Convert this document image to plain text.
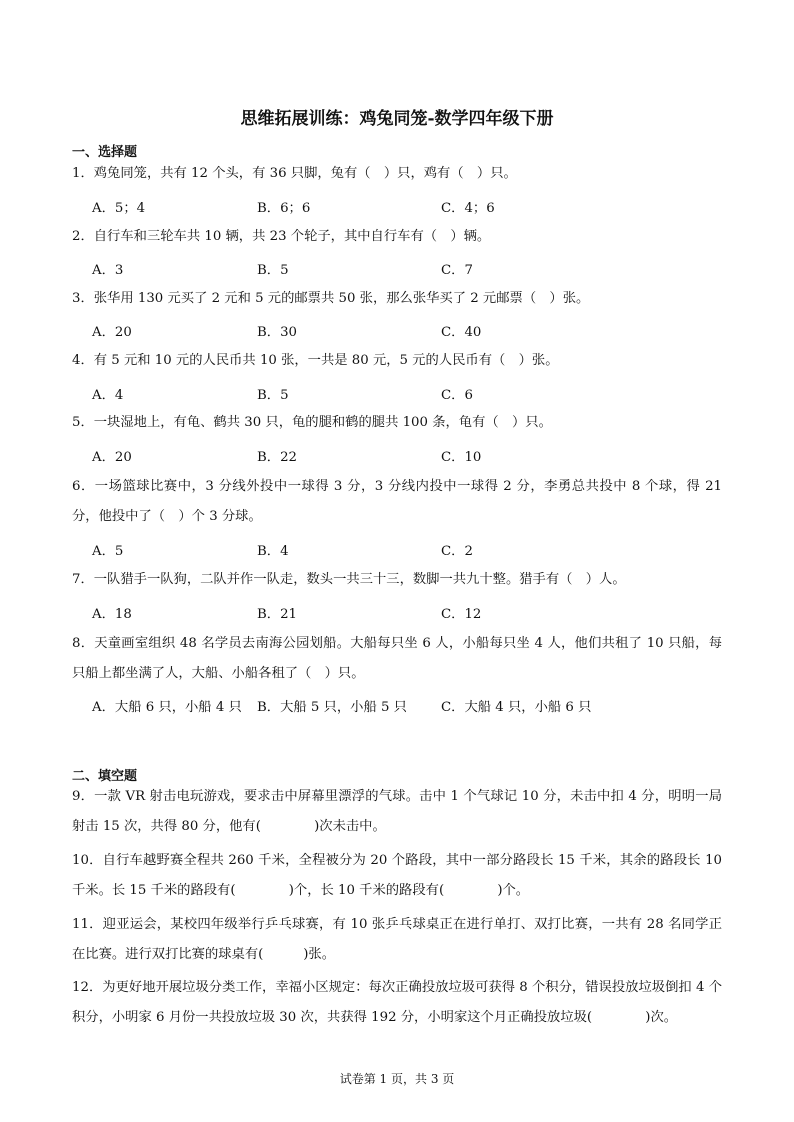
思维拓展训练：鸡兔同笼-数学四年级下册
一、选择题
1．鸡兔同笼，共有 12 个头，有 36 只脚，兔有（　）只，鸡有（　）只。
A．5；4	B．6；6	C．4；6
2．自行车和三轮车共 10 辆，共 23 个轮子，其中自行车有（　）辆。
A．3	B．5	C．7
3．张华用 130 元买了 2 元和 5 元的邮票共 50 张，那么张华买了 2 元邮票（　）张。
A．20	B．30	C．40
4．有 5 元和 10 元的人民币共 10 张，一共是 80 元，5 元的人民币有（　）张。
A．4	B．5	C．6
5．一块湿地上，有龟、鹤共 30 只，龟的腿和鹤的腿共 100 条，龟有（　）只。
A．20	B．22	C．10
6．一场篮球比赛中，3 分线外投中一球得 3 分，3 分线内投中一球得 2 分，李勇总共投中 8 个球，得 21 分，他投中了（　）个 3 分球。
A．5	B．4	C．2
7．一队猎手一队狗，二队并作一队走，数头一共三十三，数脚一共九十整。猎手有（　）人。
A．18	B．21	C．12
8．天童画室组织 48 名学员去南海公园划船。大船每只坐 6 人，小船每只坐 4 人，他们共租了 10 只船，每只船上都坐满了人，大船、小船各租了（　）只。
A．大船 6 只，小船 4 只 B．大船 5 只，小船 5 只	C．大船 4 只，小船 6 只
二、填空题
9．一款 VR 射击电玩游戏，要求击中屏幕里漂浮的气球。击中 1 个气球记 10 分，未击中扣 4 分，明明一局射击 15 次，共得 80 分，他有(　　　　)次未击中。
10．自行车越野赛全程共 260 千米，全程被分为 20 个路段，其中一部分路段长 15 千米，其余的路段长 10 千米。长 15 千米的路段有(　　　　)个，长 10 千米的路段有(　　　　)个。
11．迎亚运会，某校四年级举行乒乓球赛，有 10 张乒乓球桌正在进行单打、双打比赛，一共有 28 名同学正在比赛。进行双打比赛的球桌有(　　　)张。
12．为更好地开展垃圾分类工作，幸福小区规定：每次正确投放垃圾可获得 8 个积分，错误投放垃圾倒扣 4 个积分，小明家 6 月份一共投放垃圾 30 次，共获得 192 分，小明家这个月正确投放垃圾(　　　　)次。
试卷第 1 页，共 3 页
